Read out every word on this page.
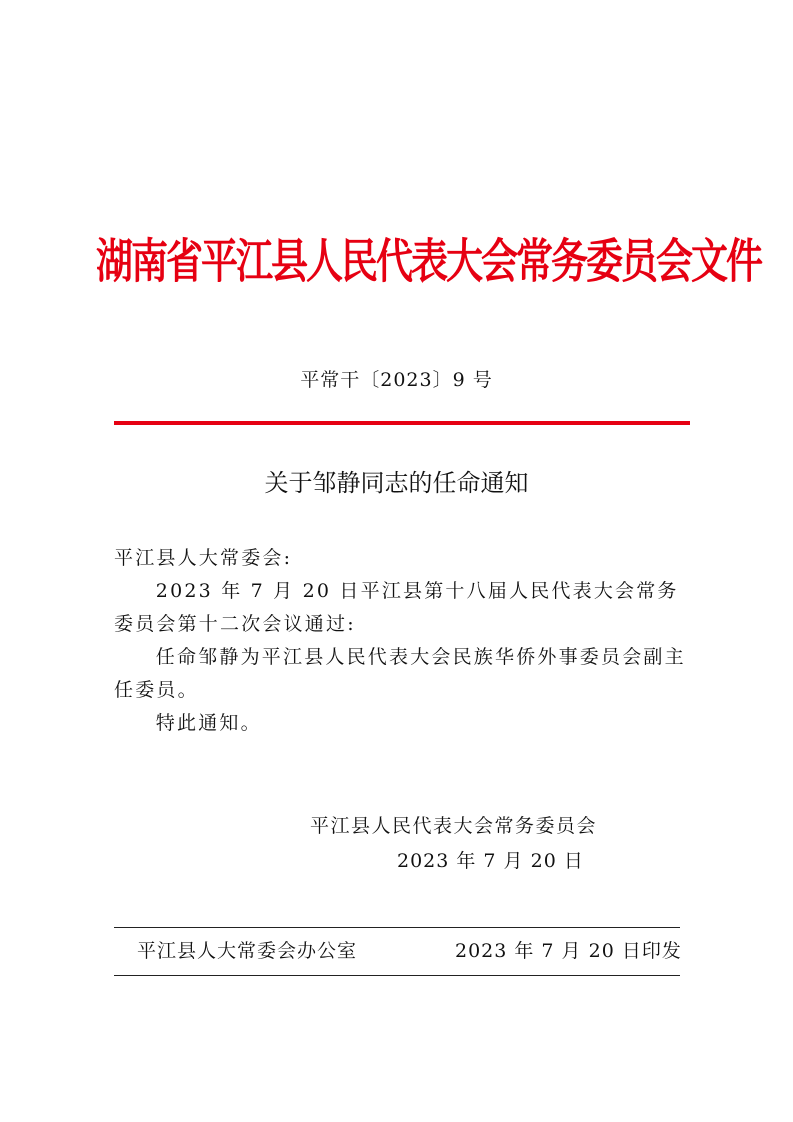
湖南省平江县人民代表大会常务委员会文件
平常干〔2023〕9 号
关于邹静同志的任命通知

平江县人大常委会:

2023 年 7 月 20 日平江县第十八届人民代表大会常务委员会第十二次会议通过:

任命邹静为平江县人民代表大会民族华侨外事委员会副主任委员。

特此通知。

平江县人民代表大会常务委员会
2023 年 7 月 20 日
平江县人大常委会办公室	2023 年 7 月 20 日印发
